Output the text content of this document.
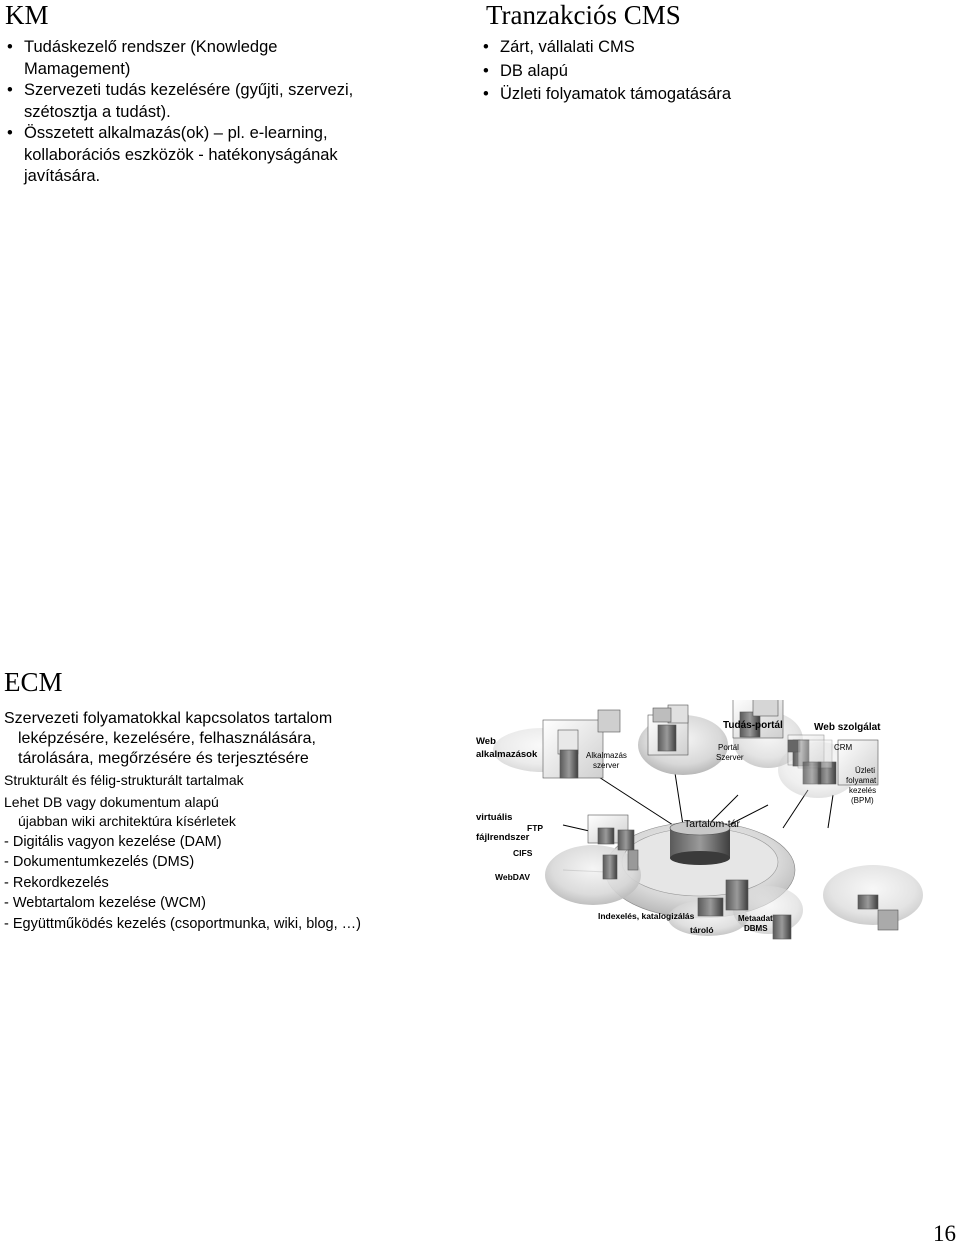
KM
• Tudáskezelő rendszer (Knowledge Mamagement)
• Szervezeti tudás kezelésére (gyűjti, szervezi, szétosztja a tudást).
• Összetett alkalmazás(ok) – pl. e-learning, kollaborációs eszközök - hatékonyságának javítására.
Tranzakciós CMS
• Zárt, vállalati CMS
• DB alapú
• Üzleti folyamatok támogatására
ECM
Szervezeti folyamatokkal kapcsolatos tartalom
leképzésére, kezelésére, felhasználására,
tárolására, megőrzésére és terjesztésére
Strukturált és félig-strukturált tartalmak
Lehet DB vagy dokumentum alapú
újabban wiki architektúra kísérletek
- Digitális vagyon kezelése (DAM)
- Dokumentumkezelés (DMS)
- Rekordkezelés
- Webtartalom kezelése (WCM)
- Együttműködés kezelés (csoportmunka, wiki, blog, …)
Tartalom-tár
Web
alkalmazások	Alkalmazás
szerver
Tudás-portál
Portál
Szerver
Web szolgálat
CRM
Üzleti
folyamat
kezelés
(BPM)
virtuális
fájlrendszer
FTP
CIFS
WebDAV
Indexelés, katalogizálás
tároló
Metaadat
DBMS
16
